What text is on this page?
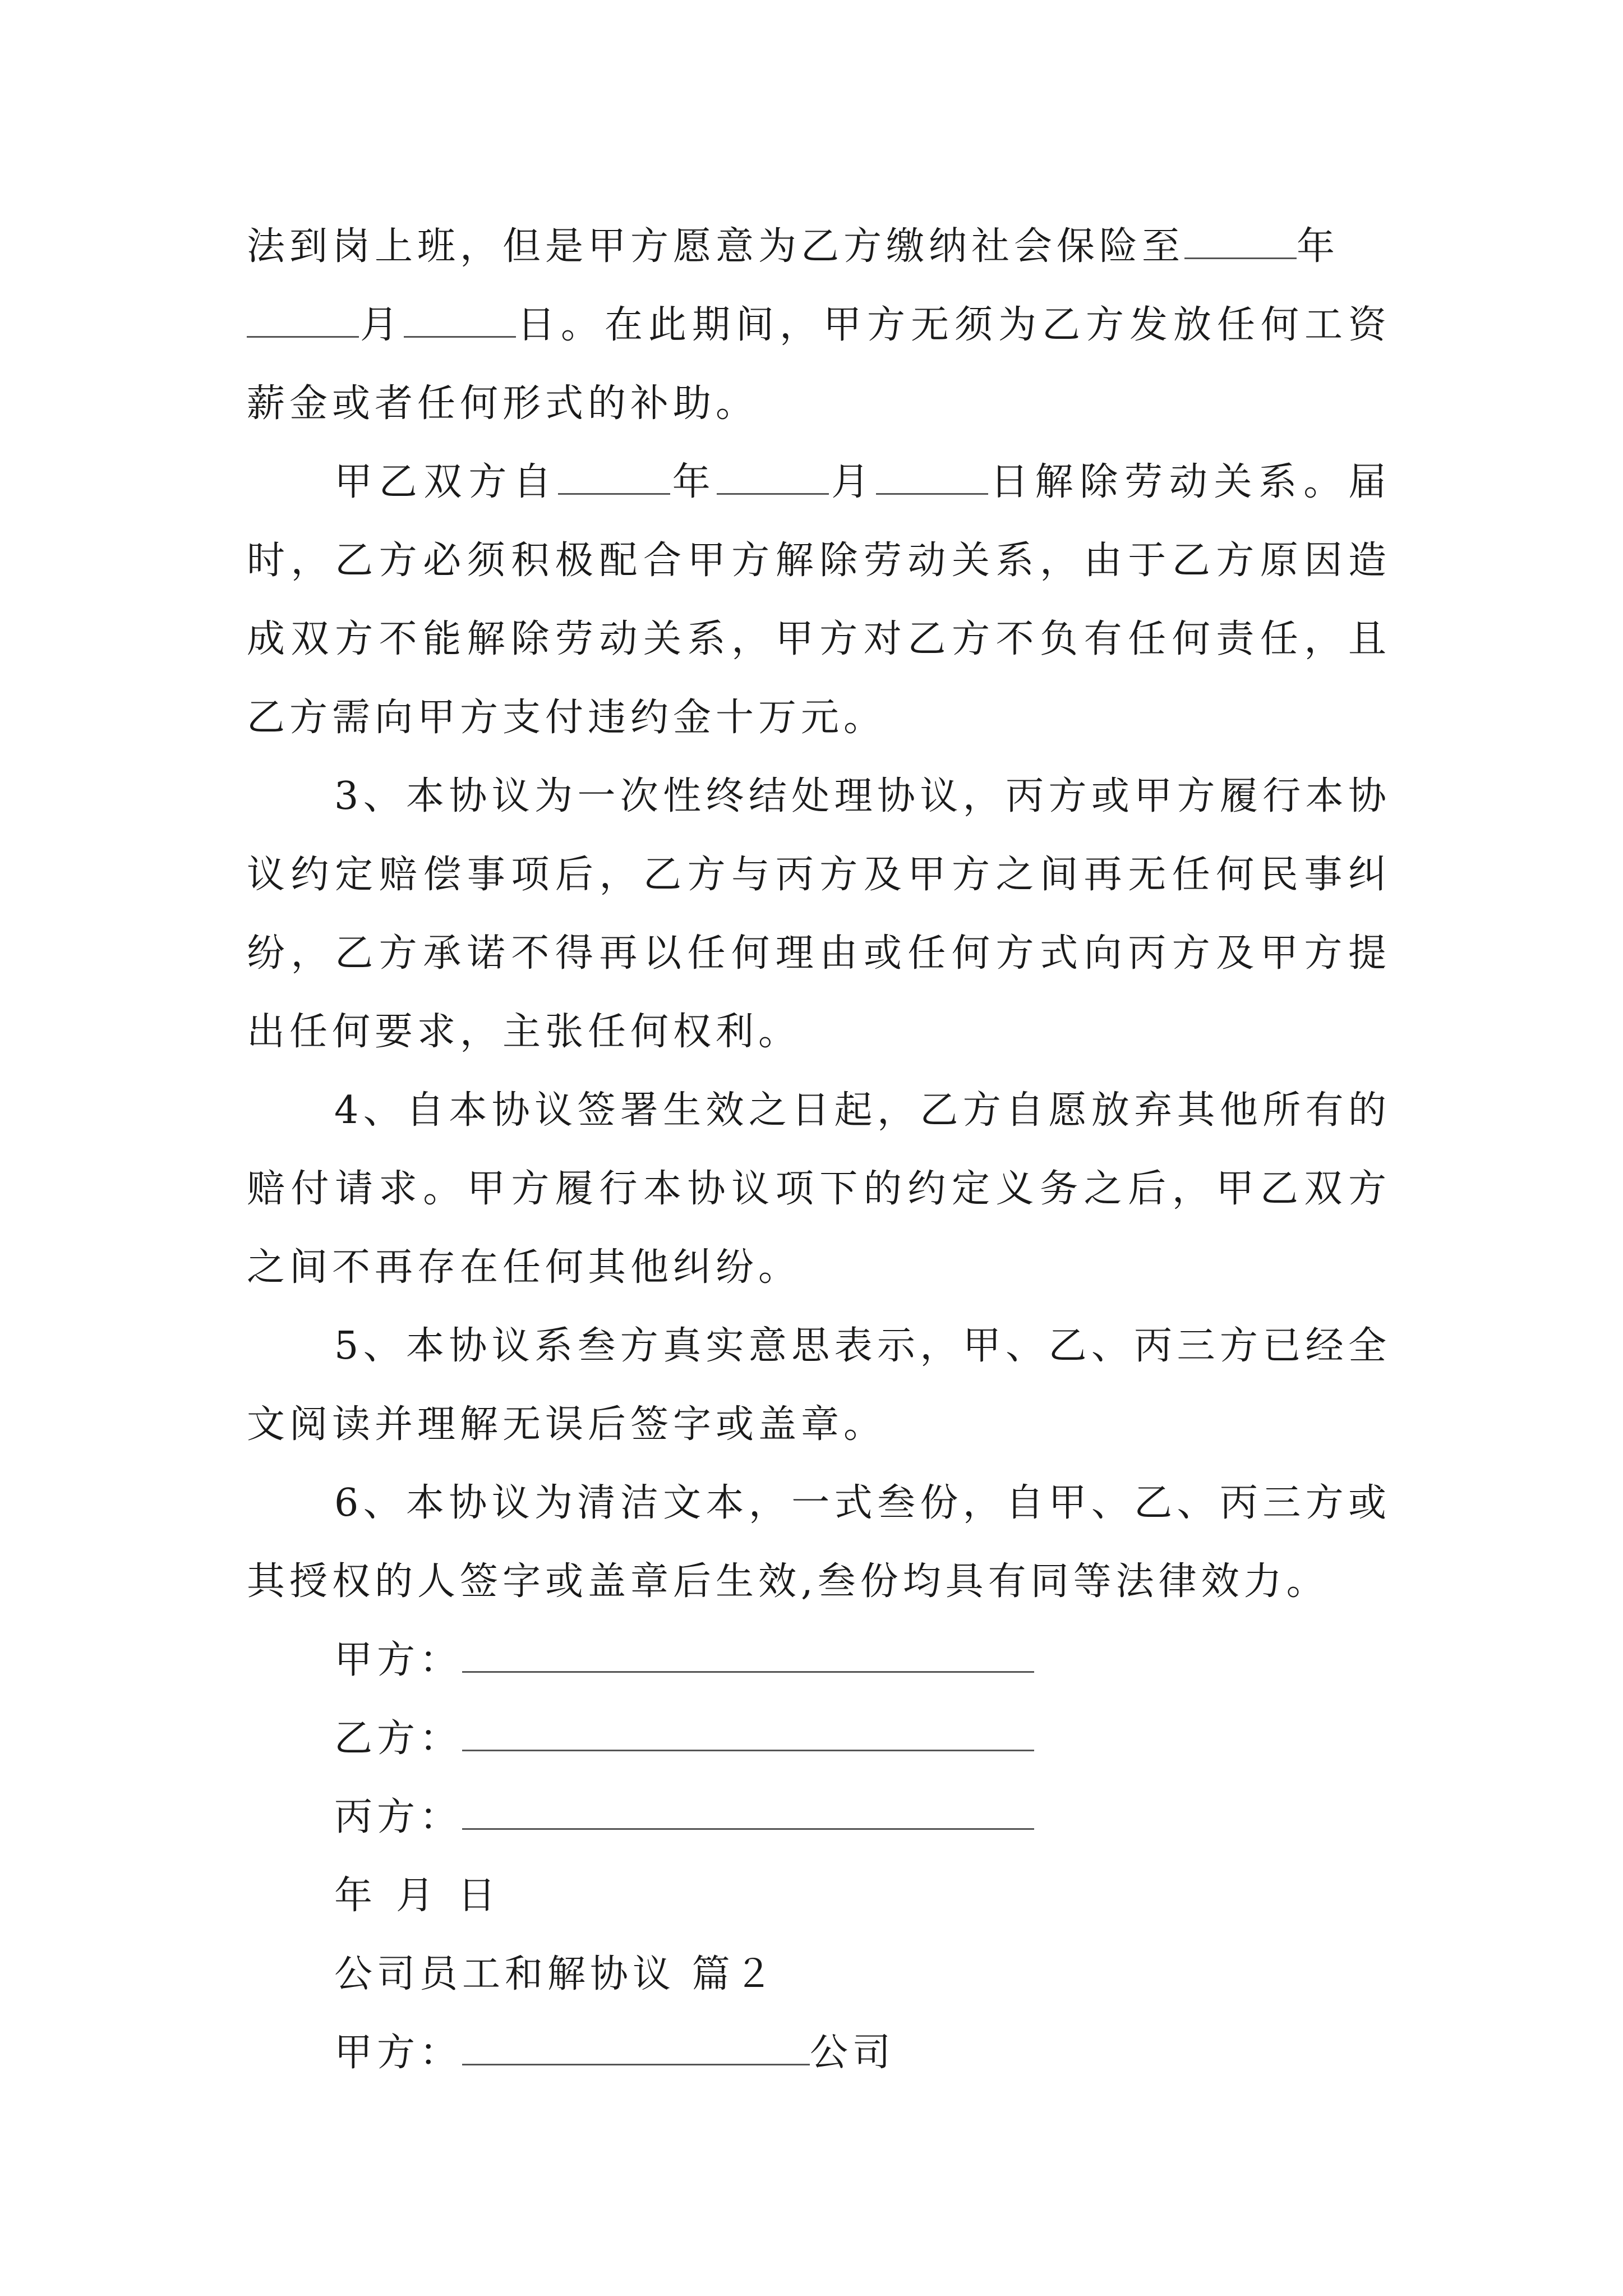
法到岗上班，但是甲方愿意为乙方缴纳社会保险至	年
月	日。在此期间，甲方无须为乙方发放任何工资薪金或者任何形式的补助。

甲乙双方自	年	月	日解除劳动关系。届时，乙方必须积极配合甲方解除劳动关系，由于乙方原因造成双方不能解除劳动关系，甲方对乙方不负有任何责任，且乙方需向甲方支付违约金十万元。

3、本协议为一次性终结处理协议，丙方或甲方履行本协议约定赔偿事项后，乙方与丙方及甲方之间再无任何民事纠纷，乙方承诺不得再以任何理由或任何方式向丙方及甲方提出任何要求，主张任何权利。

4、自本协议签署生效之日起，乙方自愿放弃其他所有的赔付请求。甲方履行本协议项下的约定义务之后，甲乙双方之间不再存在任何其他纠纷。

5、本协议系叁方真实意思表示，甲、乙、丙三方已经全文阅读并理解无误后签字或盖章。

6、本协议为清洁文本，一式叁份，自甲、乙、丙三方或其授权的人签字或盖章后生效,叁份均具有同等法律效力。

甲方：

乙方：

丙方：

年 月 日

公司员工和解协议 篇２

甲方：	公司
